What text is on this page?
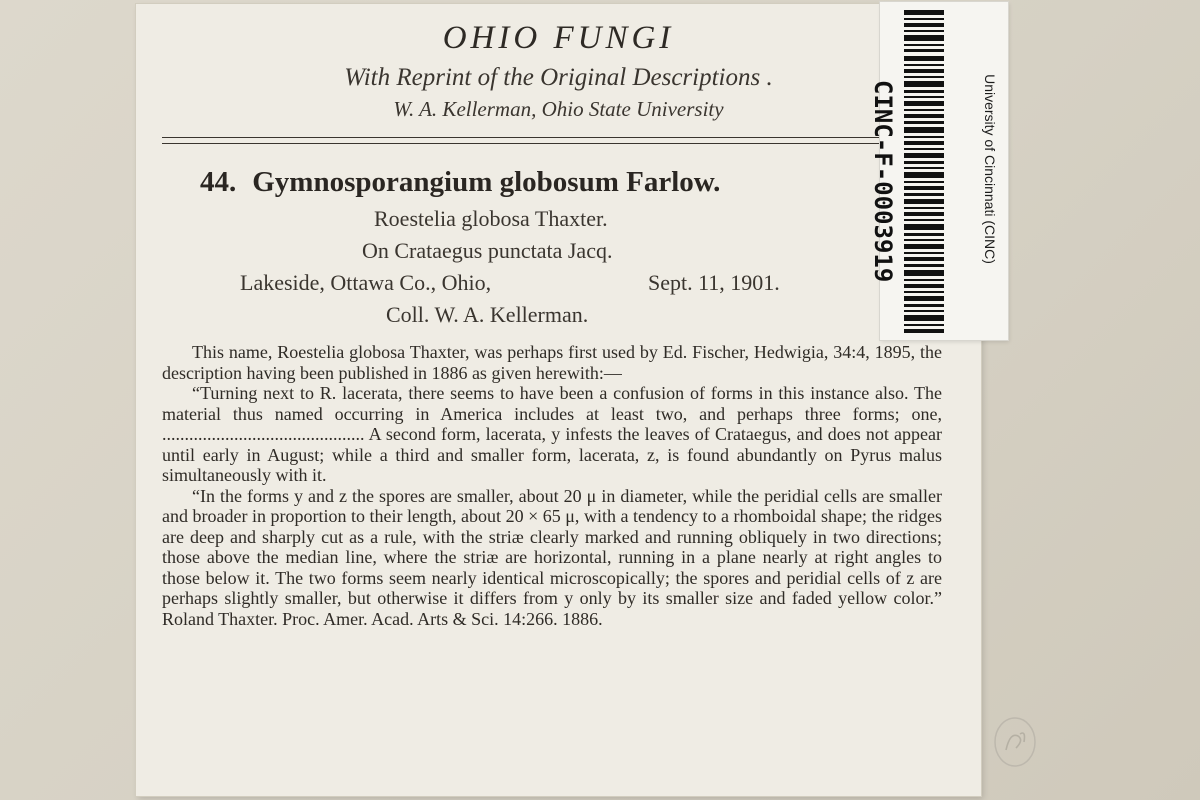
OHIO FUNGI
With Reprint of the Original Descriptions .
W. A. Kellerman, Ohio State University
44. Gymnosporangium globosum Farlow.
Roestelia globosa Thaxter.
On Crataegus punctata Jacq.
Lakeside, Ottawa Co., Ohio,	Sept. 11, 1901.
Coll. W. A. Kellerman.

This name, Roestelia globosa Thaxter, was perhaps first used by Ed. Fischer, Hedwigia, 34:4, 1895, the description having been published in 1886 as given herewith:—

“Turning next to R. lacerata, there seems to have been a confusion of forms in this instance also. The material thus named occurring in America includes at least two, and perhaps three forms; one, ............................................. A second form, lacerata, y infests the leaves of Crataegus, and does not appear until early in August; while a third and smaller form, lacerata, z, is found abundantly on Pyrus malus simultaneously with it.

“In the forms y and z the spores are smaller, about 20 μ in diameter, while the peridial cells are smaller and broader in proportion to their length, about 20 × 65 μ, with a tendency to a rhomboidal shape; the ridges are deep and sharply cut as a rule, with the striæ clearly marked and running obliquely in two directions; those above the median line, where the striæ are horizontal, running in a plane nearly at right angles to those below it. The two forms seem nearly identical microscopically; the spores and peridial cells of z are perhaps slightly smaller, but otherwise it differs from y only by its smaller size and faded yellow color.” Roland Thaxter. Proc. Amer. Acad. Arts & Sci. 14:266. 1886.

CINC-F-0003919	University of Cincinnati (CINC)
